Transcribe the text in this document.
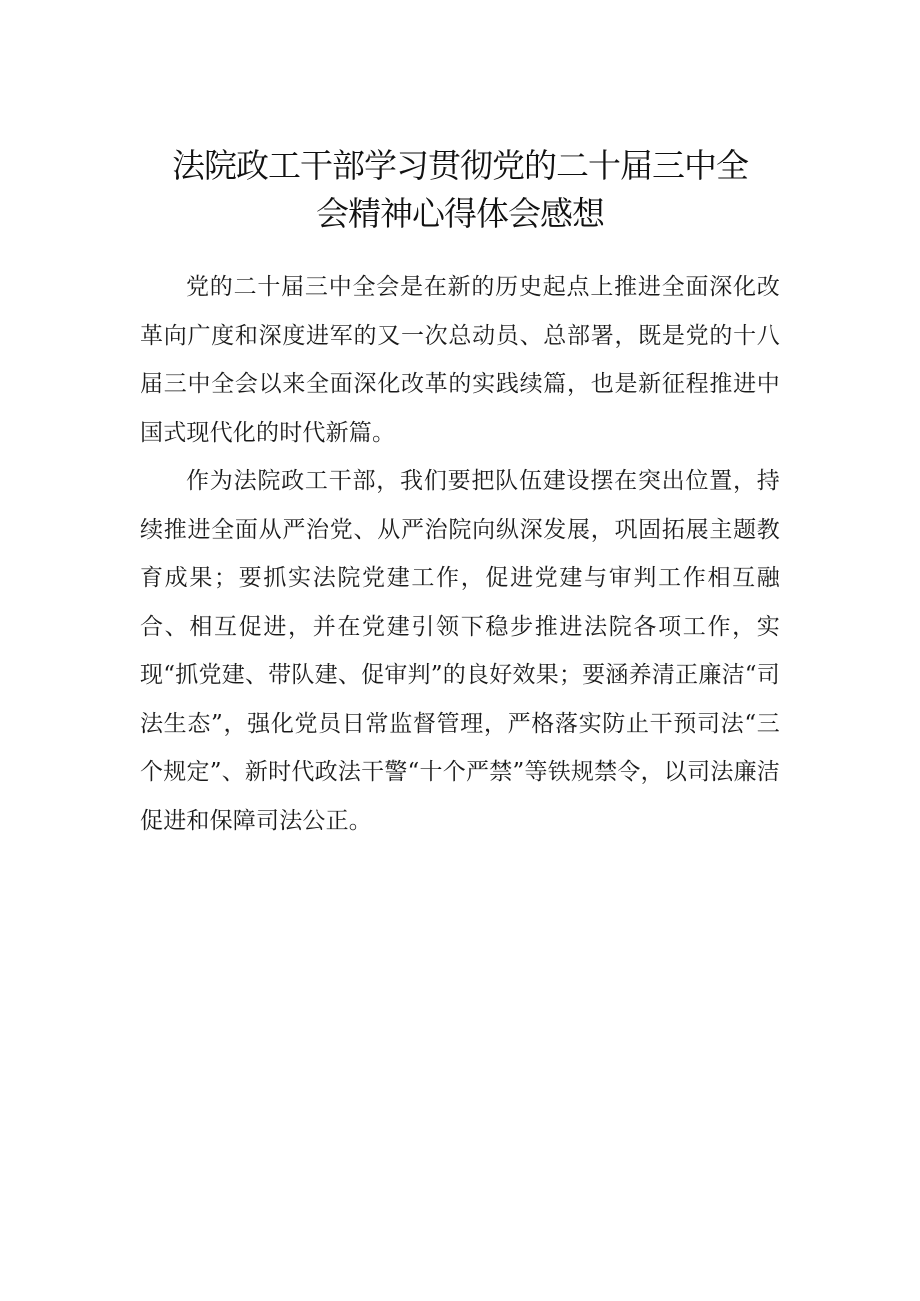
法院政工干部学习贯彻党的二十届三中全
会精神心得体会感想

党的二十届三中全会是在新的历史起点上推进全面深化改革向广度和深度进军的又一次总动员、总部署，既是党的十八届三中全会以来全面深化改革的实践续篇，也是新征程推进中国式现代化的时代新篇。

作为法院政工干部，我们要把队伍建设摆在突出位置，持续推进全面从严治党、从严治院向纵深发展，巩固拓展主题教育成果；要抓实法院党建工作，促进党建与审判工作相互融合、相互促进，并在党建引领下稳步推进法院各项工作，实现“抓党建、带队建、促审判”的良好效果；要涵养清正廉洁“司法生态”，强化党员日常监督管理，严格落实防止干预司法“三个规定”、新时代政法干警“十个严禁”等铁规禁令，以司法廉洁促进和保障司法公正。
